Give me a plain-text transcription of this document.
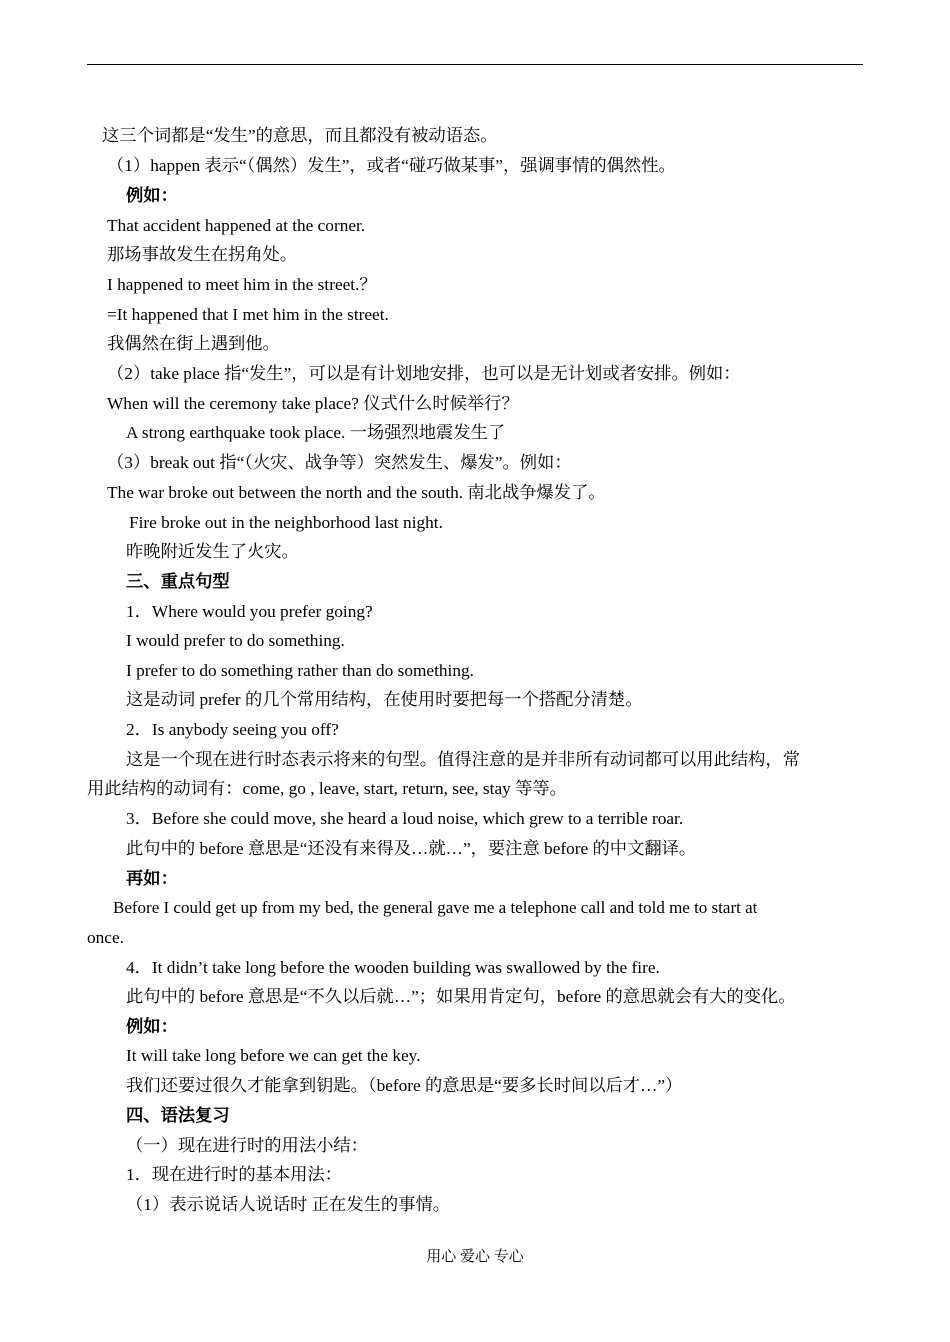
这三个词都是“发生”的意思，而且都没有被动语态。
（1）happen 表示“（偶然）发生”，或者“碰巧做某事”，强调事情的偶然性。
例如：
That accident happened at the corner.
那场事故发生在拐角处。
I happened to meet him in the street.？
=It happened that I met him in the street.
我偶然在街上遇到他。
（2）take place 指“发生”，可以是有计划地安排，也可以是无计划或者安排。例如：
When will the ceremony take place? 仪式什么时候举行？
A strong earthquake took place. 一场强烈地震发生了
（3）break out 指“（火灾、战争等）突然发生、爆发”。例如：
The war broke out between the north and the south. 南北战争爆发了。
Fire broke out in the neighborhood last night.
昨晚附近发生了火灾。
三、重点句型
1．Where would you prefer going?
I would prefer to do something.
I prefer to do something rather than do something.
这是动词 prefer 的几个常用结构，在使用时要把每一个搭配分清楚。
2．Is anybody seeing you off?
这是一个现在进行时态表示将来的句型。值得注意的是并非所有动词都可以用此结构，常
用此结构的动词有：come, go , leave, start, return, see, stay 等等。
3．Before she could move, she heard a loud noise, which grew to a terrible roar.
此句中的 before 意思是“还没有来得及…就…”，要注意 before 的中文翻译。
再如：
Before I could get up from my bed, the general gave me a telephone call and told me to start at
once.
4．It didn’t take long before the wooden building was swallowed by the fire.
此句中的 before 意思是“不久以后就…”；如果用肯定句，before 的意思就会有大的变化。
例如：
It will take long before we can get the key.
我们还要过很久才能拿到钥匙。（before 的意思是“要多长时间以后才…”）
四、语法复习
（一）现在进行时的用法小结：
1．现在进行时的基本用法：
（1）表示说话人说话时 正在发生的事情。
用心 爱心 专心
